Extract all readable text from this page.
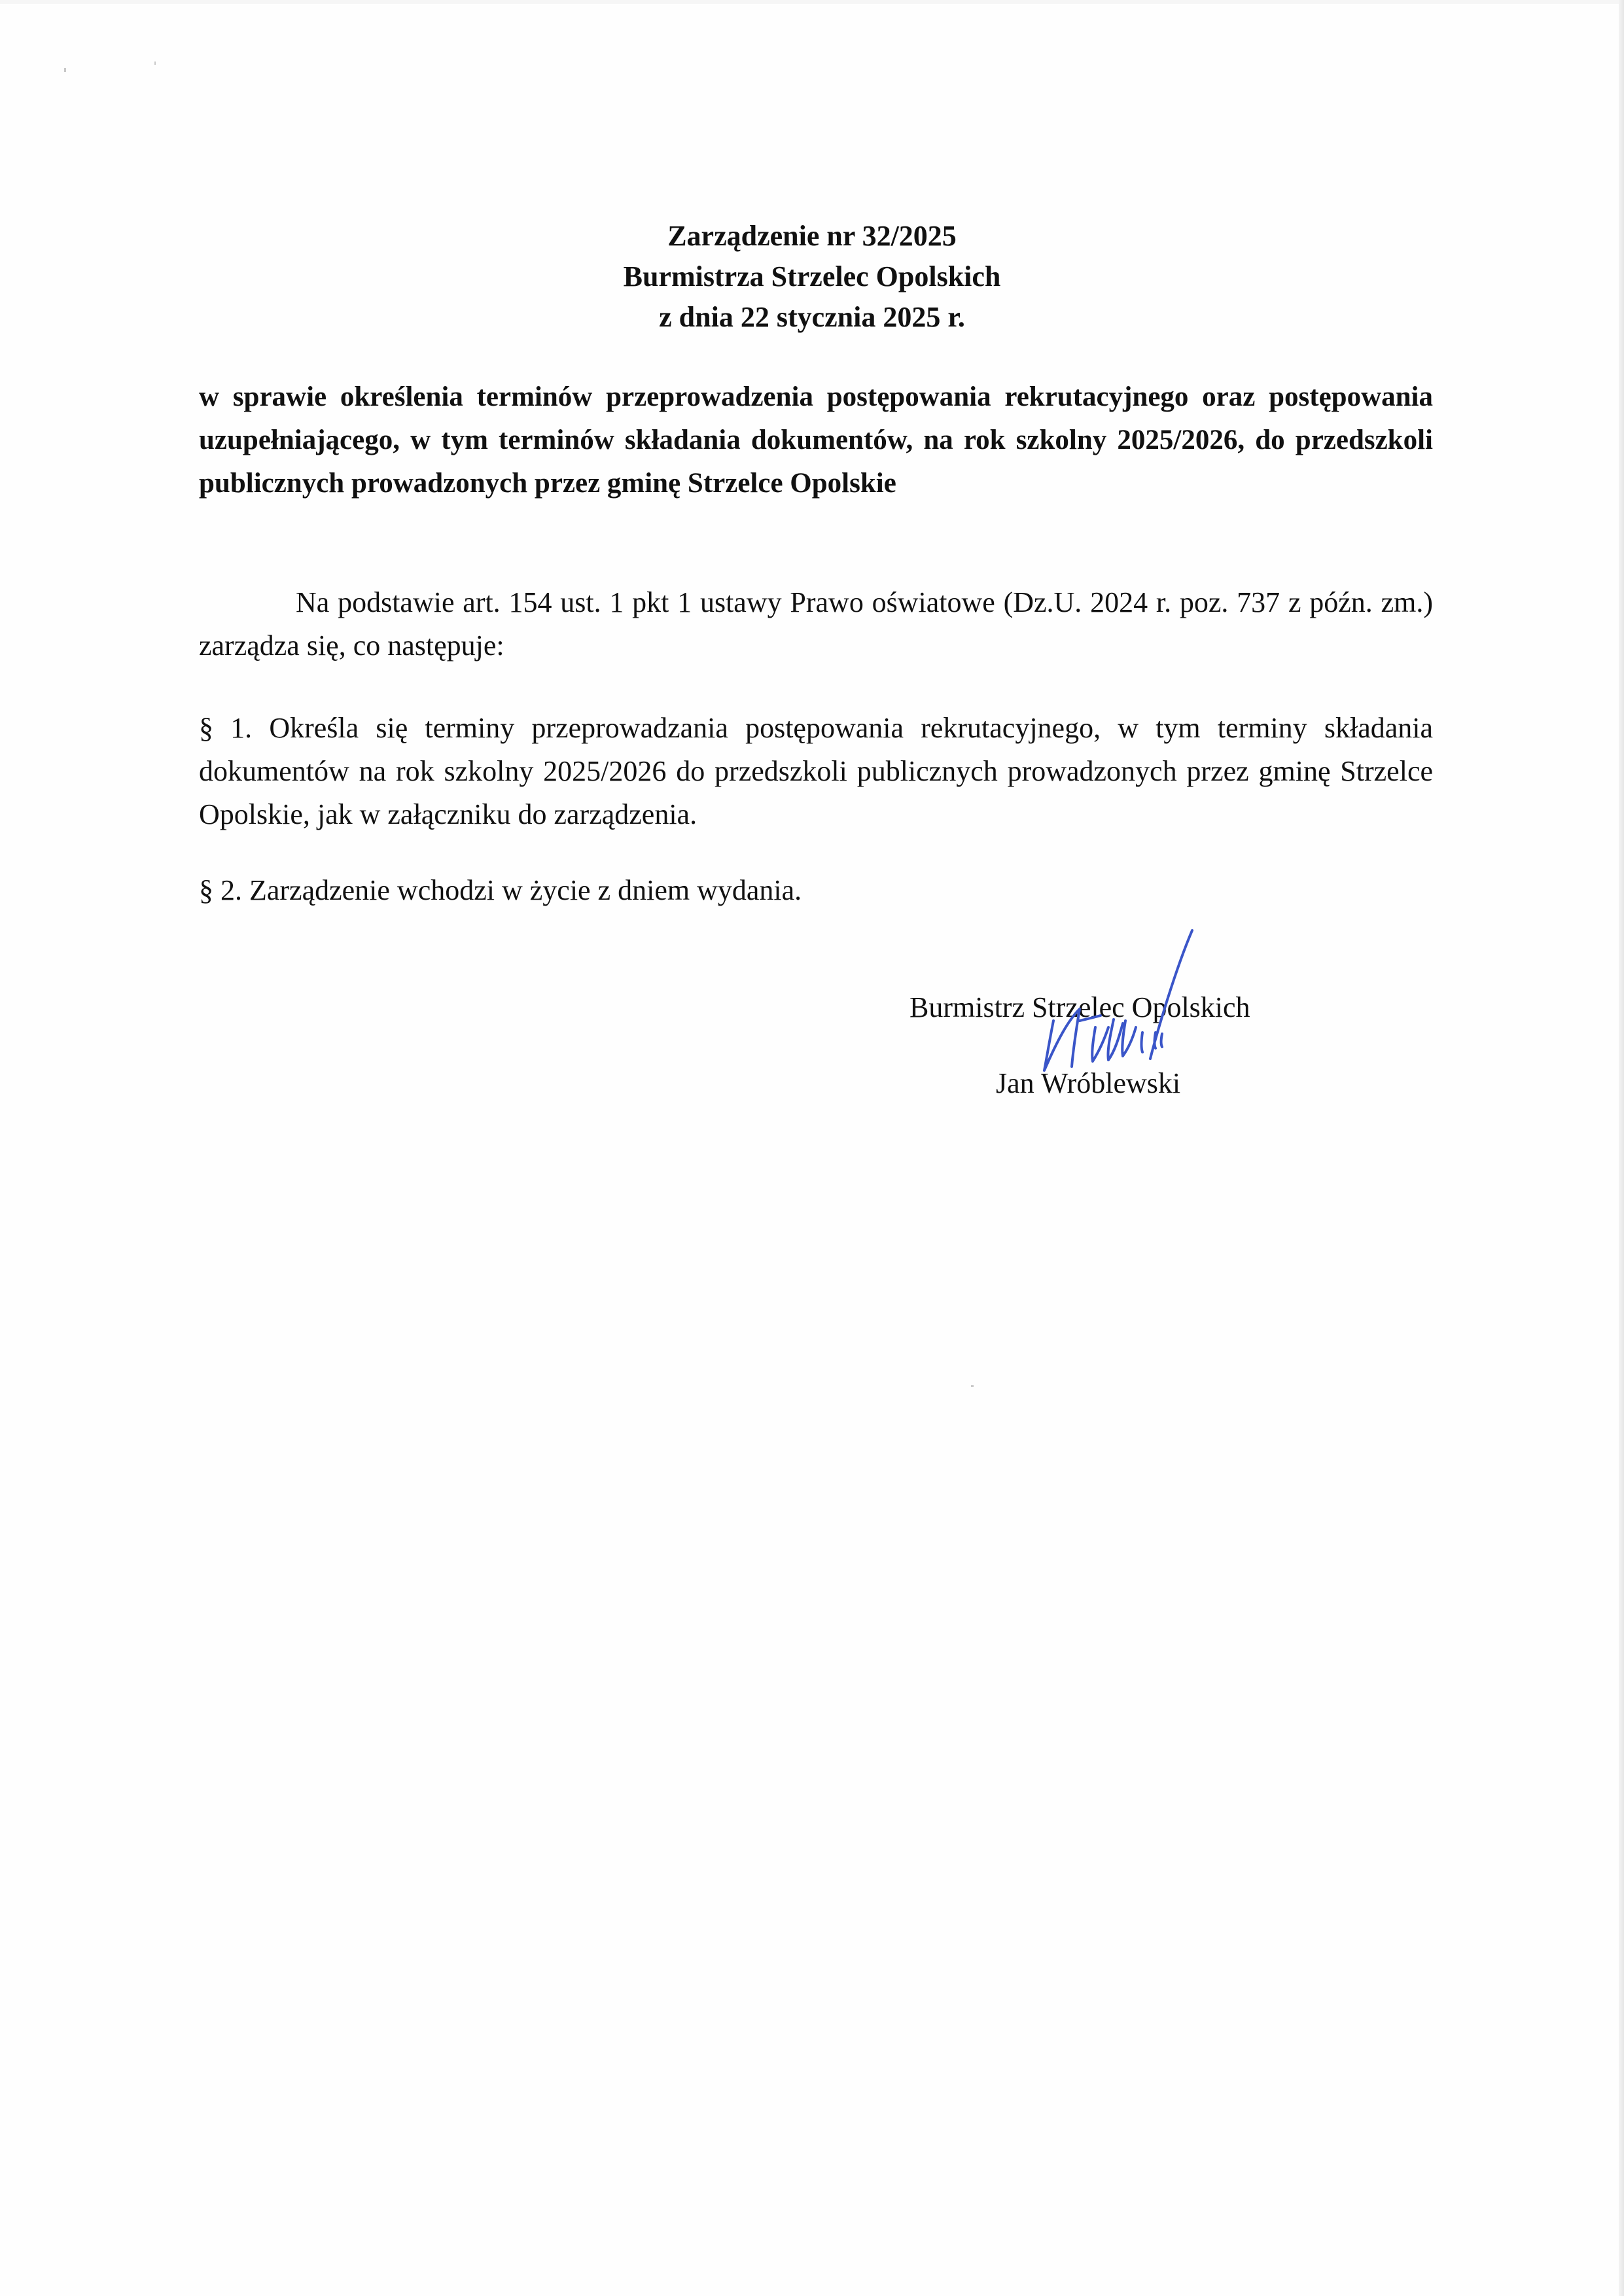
Zarządzenie nr 32/2025
Burmistrza Strzelec Opolskich
z dnia 22 stycznia 2025 r.
w sprawie określenia terminów przeprowadzenia postępowania rekrutacyjnego oraz postępowania uzupełniającego, w tym terminów składania dokumentów, na rok szkolny 2025/2026, do przedszkoli publicznych prowadzonych przez gminę Strzelce Opolskie
Na podstawie art. 154 ust. 1 pkt 1 ustawy Prawo oświatowe (Dz.U. 2024 r. poz. 737 z późn. zm.) zarządza się, co następuje:
§ 1. Określa się terminy przeprowadzania postępowania rekrutacyjnego, w tym terminy składania dokumentów na rok szkolny 2025/2026 do przedszkoli publicznych prowadzonych przez gminę Strzelce Opolskie, jak w załączniku do zarządzenia.
§ 2. Zarządzenie wchodzi w życie z dniem wydania.
Burmistrz Strzelec Opolskich
Jan Wróblewski
